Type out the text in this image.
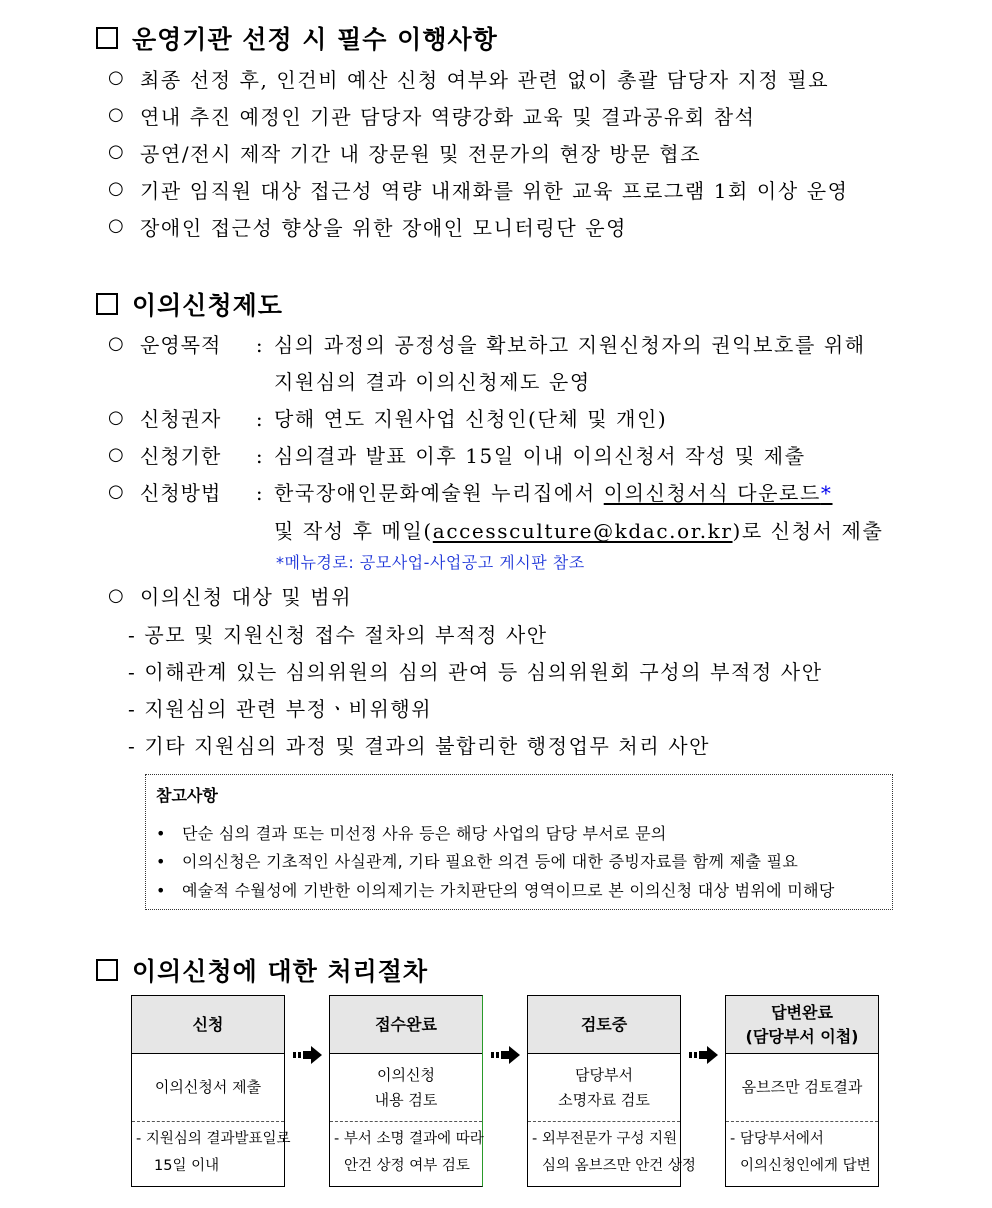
운영기관 선정 시 필수 이행사항
○ 최종 선정 후, 인건비 예산 신청 여부와 관련 없이 총괄 담당자 지정 필요
○ 연내 추진 예정인 기관 담당자 역량강화 교육 및 결과공유회 참석
○ 공연/전시 제작 기간 내 장문원 및 전문가의 현장 방문 협조
○ 기관 임직원 대상 접근성 역량 내재화를 위한 교육 프로그램 1회 이상 운영
○ 장애인 접근성 향상을 위한 장애인 모니터링단 운영
이의신청제도
○ 운영목적 : 심의 과정의 공정성을 확보하고 지원신청자의 권익보호를 위해
지원심의 결과 이의신청제도 운영
○ 신청권자 : 당해 연도 지원사업 신청인(단체 및 개인)
○ 신청기한 : 심의결과 발표 이후 15일 이내 이의신청서 작성 및 제출
○ 신청방법 : 한국장애인문화예술원 누리집에서 이의신청서식 다운로드*
및 작성 후 메일(accessculture@kdac.or.kr)로 신청서 제출
*메뉴경로: 공모사업-사업공고 게시판 참조
○ 이의신청 대상 및 범위
- 공모 및 지원신청 접수 절차의 부적정 사안
- 이해관계 있는 심의위원의 심의 관여 등 심의위원회 구성의 부적정 사안
- 지원심의 관련 부정ㆍ비위행위
- 기타 지원심의 과정 및 결과의 불합리한 행정업무 처리 사안
참고사항
• 단순 심의 결과 또는 미선정 사유 등은 해당 사업의 담당 부서로 문의
• 이의신청은 기초적인 사실관계, 기타 필요한 의견 등에 대한 증빙자료를 함께 제출 필요
• 예술적 수월성에 기반한 이의제기는 가치판단의 영역이므로 본 이의신청 대상 범위에 미해당
이의신청에 대한 처리절차
신청
이의신청서 제출
- 지원심의 결과발표일로
15일 이내
접수완료
이의신청
내용 검토
- 부서 소명 결과에 따라
안건 상정 여부 검토
검토중
담당부서
소명자료 검토
- 외부전문가 구성 지원
심의 옴브즈만 안건 상정
답변완료
(담당부서 이첩)
옴브즈만 검토결과
- 담당부서에서
이의신청인에게 답변
